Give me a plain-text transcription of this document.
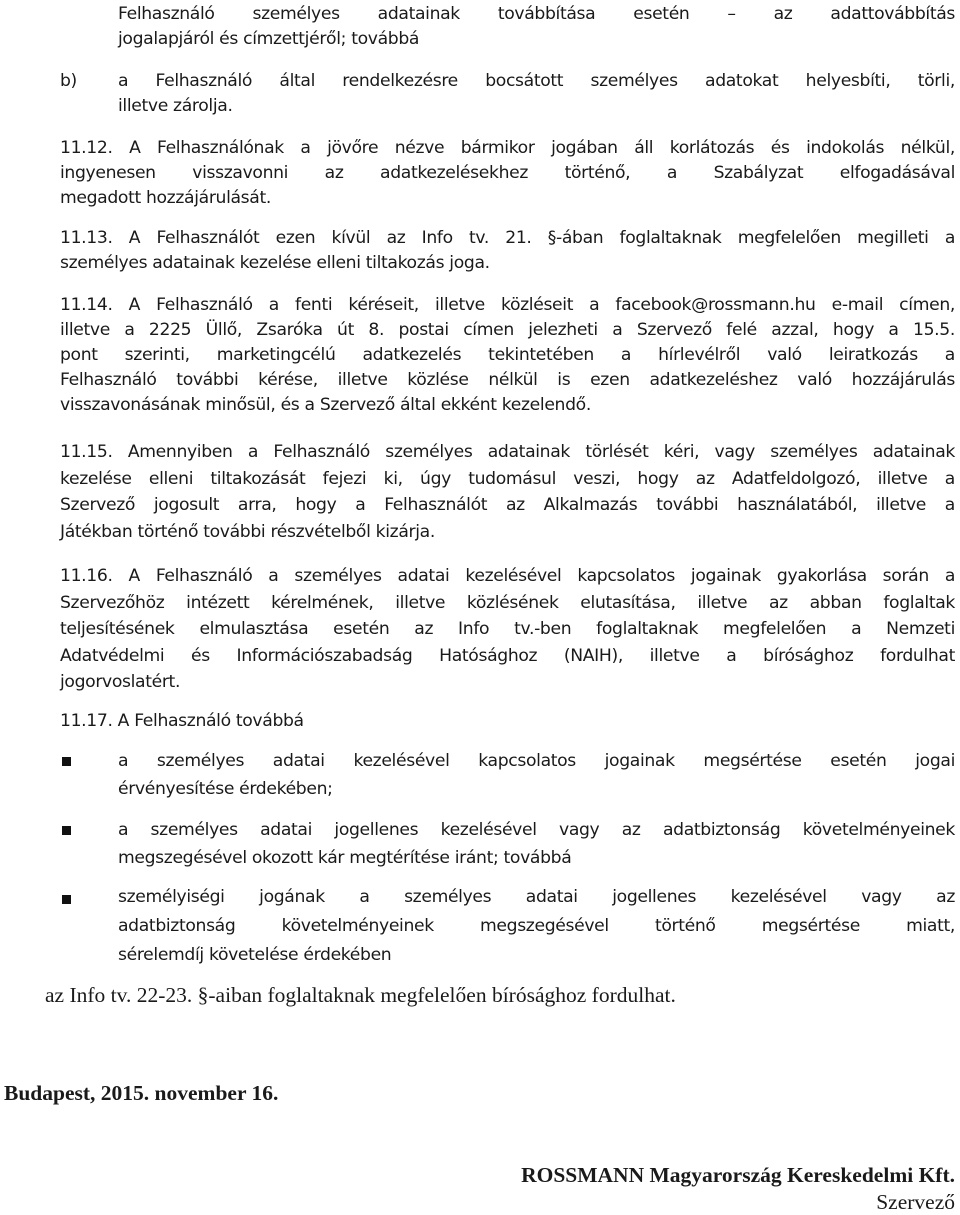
Felhasználó személyes adatainak továbbítása esetén – az adattovábbítás
jogalapjáról és címzettjéről; továbbá
b) a Felhasználó által rendelkezésre bocsátott személyes adatokat helyesbíti, törli,
illetve zárolja.
11.12. A Felhasználónak a jövőre nézve bármikor jogában áll korlátozás és indokolás nélkül,
ingyenesen visszavonni az adatkezelésekhez történő, a Szabályzat elfogadásával
megadott hozzájárulását.
11.13. A Felhasználót ezen kívül az Info tv. 21. §-ában foglaltaknak megfelelően megilleti a
személyes adatainak kezelése elleni tiltakozás joga.
11.14. A Felhasználó a fenti kéréseit, illetve közléseit a facebook@rossmann.hu e-mail címen,
illetve a 2225 Üllő, Zsaróka út 8. postai címen jelezheti a Szervező felé azzal, hogy a 15.5.
pont szerinti, marketingcélú adatkezelés tekintetében a hírlevélről való leiratkozás a
Felhasználó további kérése, illetve közlése nélkül is ezen adatkezeléshez való hozzájárulás
visszavonásának minősül, és a Szervező által ekként kezelendő.
11.15. Amennyiben a Felhasználó személyes adatainak törlését kéri, vagy személyes adatainak
kezelése elleni tiltakozását fejezi ki, úgy tudomásul veszi, hogy az Adatfeldolgozó, illetve a
Szervező jogosult arra, hogy a Felhasználót az Alkalmazás további használatából, illetve a
Játékban történő további részvételből kizárja.
11.16. A Felhasználó a személyes adatai kezelésével kapcsolatos jogainak gyakorlása során a
Szervezőhöz intézett kérelmének, illetve közlésének elutasítása, illetve az abban foglaltak
teljesítésének elmulasztása esetén az Info tv.-ben foglaltaknak megfelelően a Nemzeti
Adatvédelmi és Információszabadság Hatósághoz (NAIH), illetve a bírósághoz fordulhat
jogorvoslatért.
11.17. A Felhasználó továbbá
a személyes adatai kezelésével kapcsolatos jogainak megsértése esetén jogai
érvényesítése érdekében;
a személyes adatai jogellenes kezelésével vagy az adatbiztonság követelményeinek
megszegésével okozott kár megtérítése iránt; továbbá
személyiségi jogának a személyes adatai jogellenes kezelésével vagy az
adatbiztonság követelményeinek megszegésével történő megsértése miatt,
sérelemdíj követelése érdekében
az Info tv. 22-23. §-aiban foglaltaknak megfelelően bírósághoz fordulhat.
Budapest, 2015. november 16.
ROSSMANN Magyarország Kereskedelmi Kft.
Szervező
